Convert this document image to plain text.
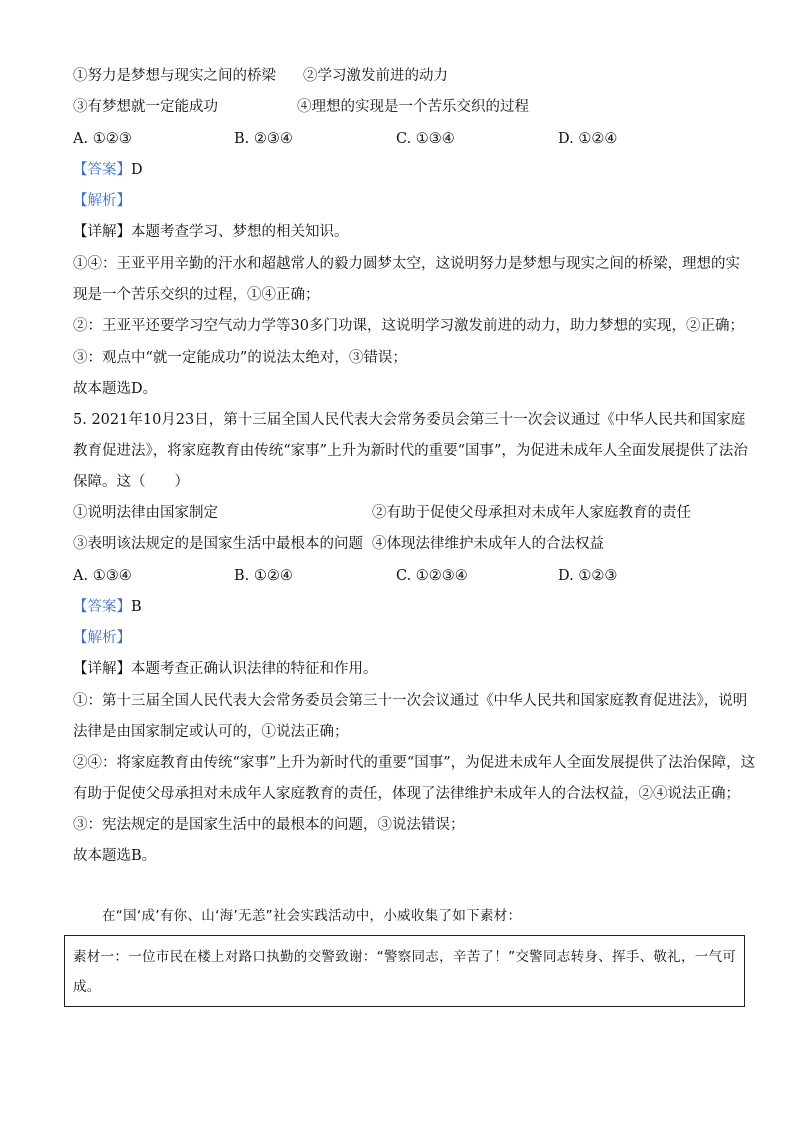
①努力是梦想与现实之间的桥梁 ②学习激发前进的动力
③有梦想就一定能成功	④理想的实现是一个苦乐交织的过程
A. ①②③	B. ②③④	C. ①③④	D. ①②④
【答案】D
【解析】
【详解】本题考查学习、梦想的相关知识。
①④：王亚平用辛勤的汗水和超越常人的毅力圆梦太空，这说明努力是梦想与现实之间的桥梁，理想的实
现是一个苦乐交织的过程，①④正确；
②：王亚平还要学习空气动力学等30多门功课，这说明学习激发前进的动力，助力梦想的实现，②正确；
③：观点中“就一定能成功”的说法太绝对，③错误；
故本题选D。
5. 2021年10月23日，第十三届全国人民代表大会常务委员会第三十一次会议通过《中华人民共和国家庭
教育促进法》，将家庭教育由传统“家事”上升为新时代的重要“国事”，为促进未成年人全面发展提供了法治
保障。这（　　）
①说明法律由国家制定	②有助于促使父母承担对未成年人家庭教育的责任
③表明该法规定的是国家生活中最根本的问题 ④体现法律维护未成年人的合法权益
A. ①③④	B. ①②④	C. ①②③④	D. ①②③
【答案】B
【解析】
【详解】本题考查正确认识法律的特征和作用。
①：第十三届全国人民代表大会常务委员会第三十一次会议通过《中华人民共和国家庭教育促进法》，说明
法律是由国家制定或认可的，①说法正确；
②④：将家庭教育由传统“家事”上升为新时代的重要“国事”，为促进未成年人全面发展提供了法治保障，这
有助于促使父母承担对未成年人家庭教育的责任，体现了法律维护未成年人的合法权益，②④说法正确；
③：宪法规定的是国家生活中的最根本的问题，③说法错误；
故本题选B。
在“国‘成’有你、山‘海’无恙”社会实践活动中，小威收集了如下素材：
素材一：一位市民在楼上对路口执勤的交警致谢：“警察同志，辛苦了！”交警同志转身、挥手、敬礼，一气可成。
